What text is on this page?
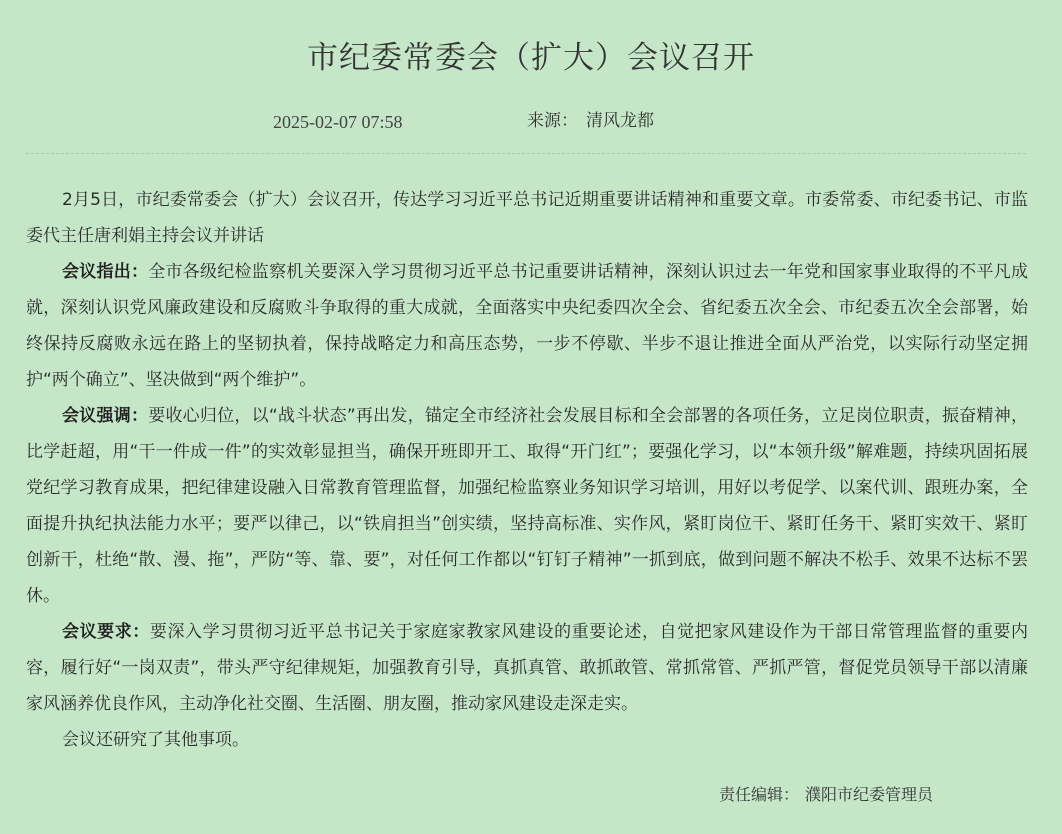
市纪委常委会（扩大）会议召开
2025-02-07 07:58	来源： 清风龙都

2月5日，市纪委常委会（扩大）会议召开，传达学习习近平总书记近期重要讲话精神和重要文章。市委常委、市纪委书记、市监委代主任唐利娟主持会议并讲话

会议指出：全市各级纪检监察机关要深入学习贯彻习近平总书记重要讲话精神，深刻认识过去一年党和国家事业取得的不平凡成就，深刻认识党风廉政建设和反腐败斗争取得的重大成就，全面落实中央纪委四次全会、省纪委五次全会、市纪委五次全会部署，始终保持反腐败永远在路上的坚韧执着，保持战略定力和高压态势，一步不停歇、半步不退让推进全面从严治党，以实际行动坚定拥护“两个确立”、坚决做到“两个维护”。

会议强调：要收心归位，以“战斗状态”再出发，锚定全市经济社会发展目标和全会部署的各项任务，立足岗位职责，振奋精神，比学赶超，用“干一件成一件”的实效彰显担当，确保开班即开工、取得“开门红”；要强化学习，以“本领升级”解难题，持续巩固拓展党纪学习教育成果，把纪律建设融入日常教育管理监督，加强纪检监察业务知识学习培训，用好以考促学、以案代训、跟班办案，全面提升执纪执法能力水平；要严以律己，以“铁肩担当”创实绩，坚持高标准、实作风，紧盯岗位干、紧盯任务干、紧盯实效干、紧盯创新干，杜绝“散、漫、拖”，严防“等、靠、要”，对任何工作都以“钉钉子精神”一抓到底，做到问题不解决不松手、效果不达标不罢休。

会议要求：要深入学习贯彻习近平总书记关于家庭家教家风建设的重要论述，自觉把家风建设作为干部日常管理监督的重要内容，履行好“一岗双责”，带头严守纪律规矩，加强教育引导，真抓真管、敢抓敢管、常抓常管、严抓严管，督促党员领导干部以清廉家风涵养优良作风，主动净化社交圈、生活圈、朋友圈，推动家风建设走深走实。

会议还研究了其他事项。

责任编辑： 濮阳市纪委管理员
